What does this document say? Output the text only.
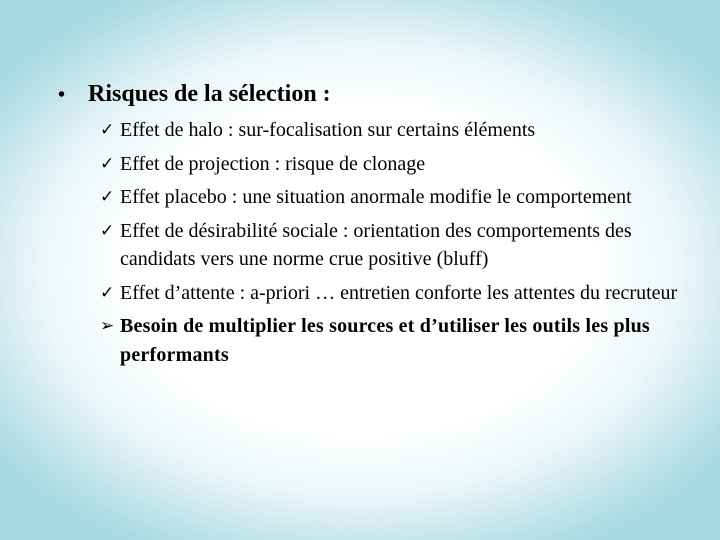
• Risques de la sélection :
✓ Effet de halo : sur-focalisation sur certains éléments
✓ Effet de projection : risque de clonage
✓ Effet placebo : une situation anormale modifie le comportement
✓ Effet de désirabilité sociale : orientation des comportements des candidats vers une norme crue positive (bluff)
✓ Effet d’attente : a-priori … entretien conforte les attentes du recruteur
➢ Besoin de multiplier les sources et d’utiliser les outils les plus performants
